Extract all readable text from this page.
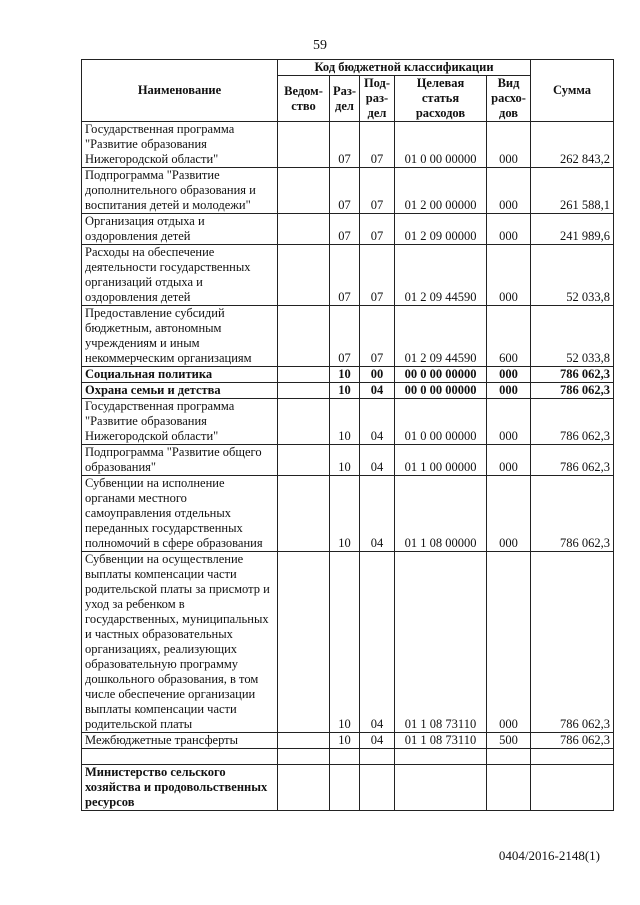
59
Наименование	Код бюджетной классификации					Сумма
	Ведом-ство	Раз-дел	Под-раз-дел	Целевая статья расходов	Вид расхо-дов	
Государственная программа "Развитие образования Нижегородской области"		07	07	01 0 00 00000	000	262 843,2
Подпрограмма "Развитие дополнительного образования и воспитания детей и молодежи"		07	07	01 2 00 00000	000	261 588,1
Организация отдыха и оздоровления детей		07	07	01 2 09 00000	000	241 989,6
Расходы на обеспечение деятельности государственных организаций отдыха и оздоровления детей		07	07	01 2 09 44590	000	52 033,8
Предоставление субсидий бюджетным, автономным учреждениям и иным некоммерческим организациям		07	07	01 2 09 44590	600	52 033,8
Социальная политика		10	00	00 0 00 00000	000	786 062,3
Охрана семьи и детства		10	04	00 0 00 00000	000	786 062,3
Государственная программа "Развитие образования Нижегородской области"		10	04	01 0 00 00000	000	786 062,3
Подпрограмма "Развитие общего образования"		10	04	01 1 00 00000	000	786 062,3
Субвенции на исполнение органами местного самоуправления отдельных переданных государственных полномочий в сфере образования		10	04	01 1 08 00000	000	786 062,3
Субвенции на осуществление выплаты компенсации части родительской платы за присмотр и уход за ребенком в государственных, муниципальных и частных образовательных организациях, реализующих образовательную программу дошкольного образования, в том числе обеспечение организации выплаты компенсации части родительской платы		10	04	01 1 08 73110	000	786 062,3
Межбюджетные трансферты		10	04	01 1 08 73110	500	786 062,3

Министерство сельского хозяйства и продовольственных ресурсов						
0404/2016-2148(1)
